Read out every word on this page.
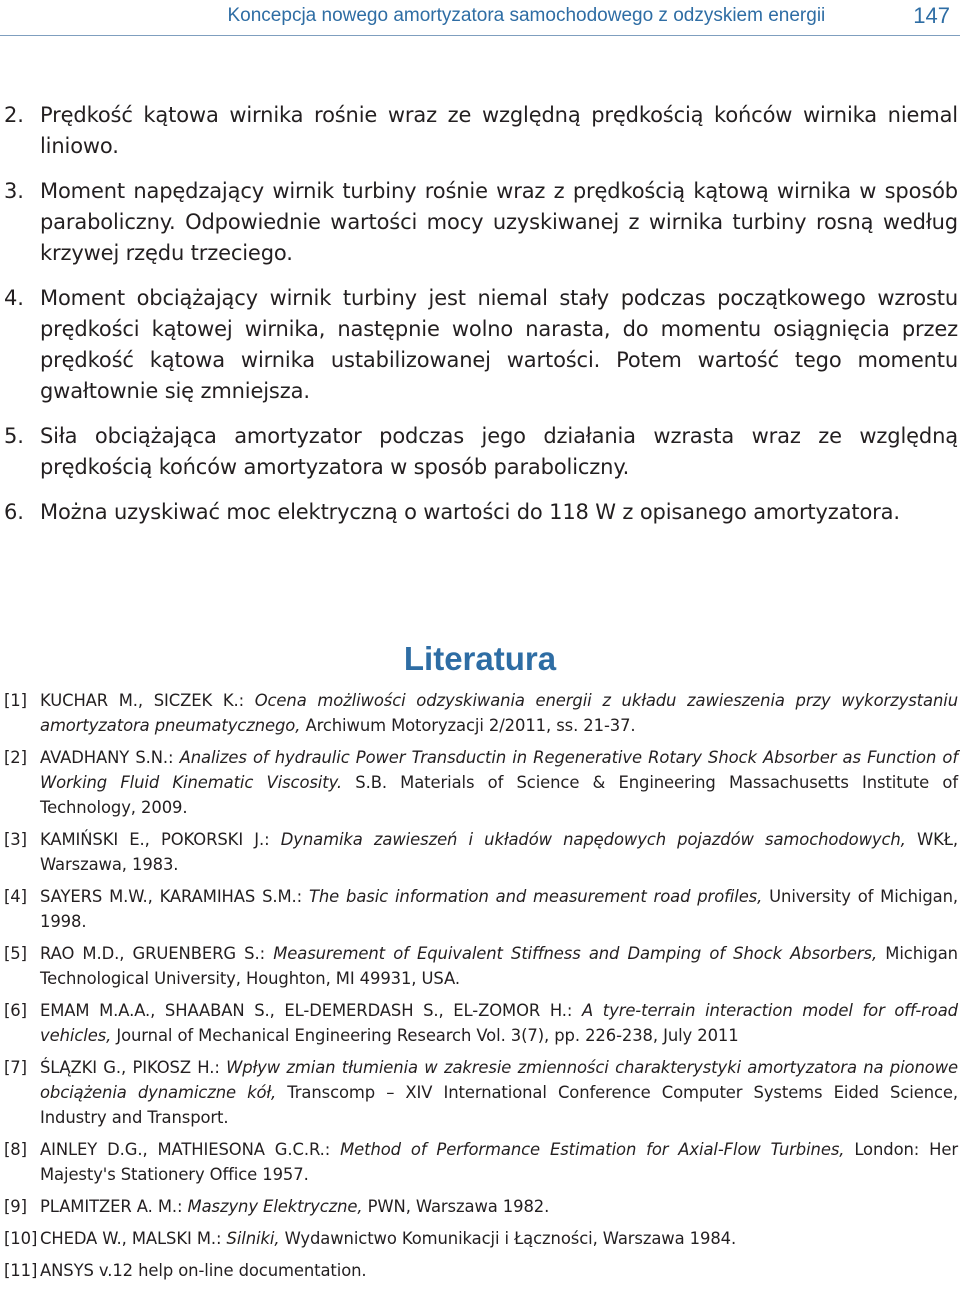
Koncepcja nowego amortyzatora samochodowego z odzyskiem energii	147
2. Prędkość kątowa wirnika rośnie wraz ze względną prędkością końców wirnika niemal liniowo.
3. Moment napędzający wirnik turbiny rośnie wraz z prędkością kątową wirnika w sposób paraboliczny. Odpowiednie wartości mocy uzyskiwanej z wirnika turbiny rosną według krzywej rzędu trzeciego.
4. Moment obciążający wirnik turbiny jest niemal stały podczas początkowego wzrostu prędkości kątowej wirnika, następnie wolno narasta, do momentu osiągnięcia przez prędkość kątowa wirnika ustabilizowanej wartości. Potem wartość tego momentu gwałtownie się zmniejsza.
5. Siła obciążająca amortyzator podczas jego działania wzrasta wraz ze względną prędkością końców amortyzatora w sposób paraboliczny.
6. Można uzyskiwać moc elektryczną o wartości do 118 W z opisanego amortyzatora.
Literatura
[1] KUCHAR M., SICZEK K.: Ocena możliwości odzyskiwania energii z układu zawieszenia przy wykorzystaniu amortyzatora pneumatycznego, Archiwum Motoryzacji 2/2011, ss. 21-37.
[2] AVADHANY S.N.: Analizes of hydraulic Power Transductin in Regenerative Rotary Shock Absorber as Function of Working Fluid Kinematic Viscosity. S.B. Materials of Science & Engineering Massachusetts Institute of Technology, 2009.
[3] KAMIŃSKI E., POKORSKI J.: Dynamika zawieszeń i układów napędowych pojazdów samochodowych, WKŁ, Warszawa, 1983.
[4] SAYERS M.W., KARAMIHAS S.M.: The basic information and measurement road profiles, University of Michigan, 1998.
[5] RAO M.D., GRUENBERG S.: Measurement of Equivalent Stiffness and Damping of Shock Absorbers, Michigan Technological University, Houghton, MI 49931, USA.
[6] EMAM M.A.A., SHAABAN S., EL-DEMERDASH S., EL-ZOMOR H.: A tyre-terrain interaction model for off-road vehicles, Journal of Mechanical Engineering Research Vol. 3(7), pp. 226-238, July 2011
[7] ŚLĄZKI G., PIKOSZ H.: Wpływ zmian tłumienia w zakresie zmienności charakterystyki amortyzatora na pionowe obciążenia dynamiczne kół, Transcomp – XIV International Conference Computer Systems Eided Science, Industry and Transport.
[8] AINLEY D.G., MATHIESONA G.C.R.: Method of Performance Estimation for Axial-Flow Turbines, London: Her Majesty's Stationery Office 1957.
[9] PLAMITZER A. M.: Maszyny Elektryczne, PWN, Warszawa 1982.
[10] CHEDA W., MALSKI M.: Silniki, Wydawnictwo Komunikacji i Łączności, Warszawa 1984.
[11] ANSYS v.12 help on-line documentation.
